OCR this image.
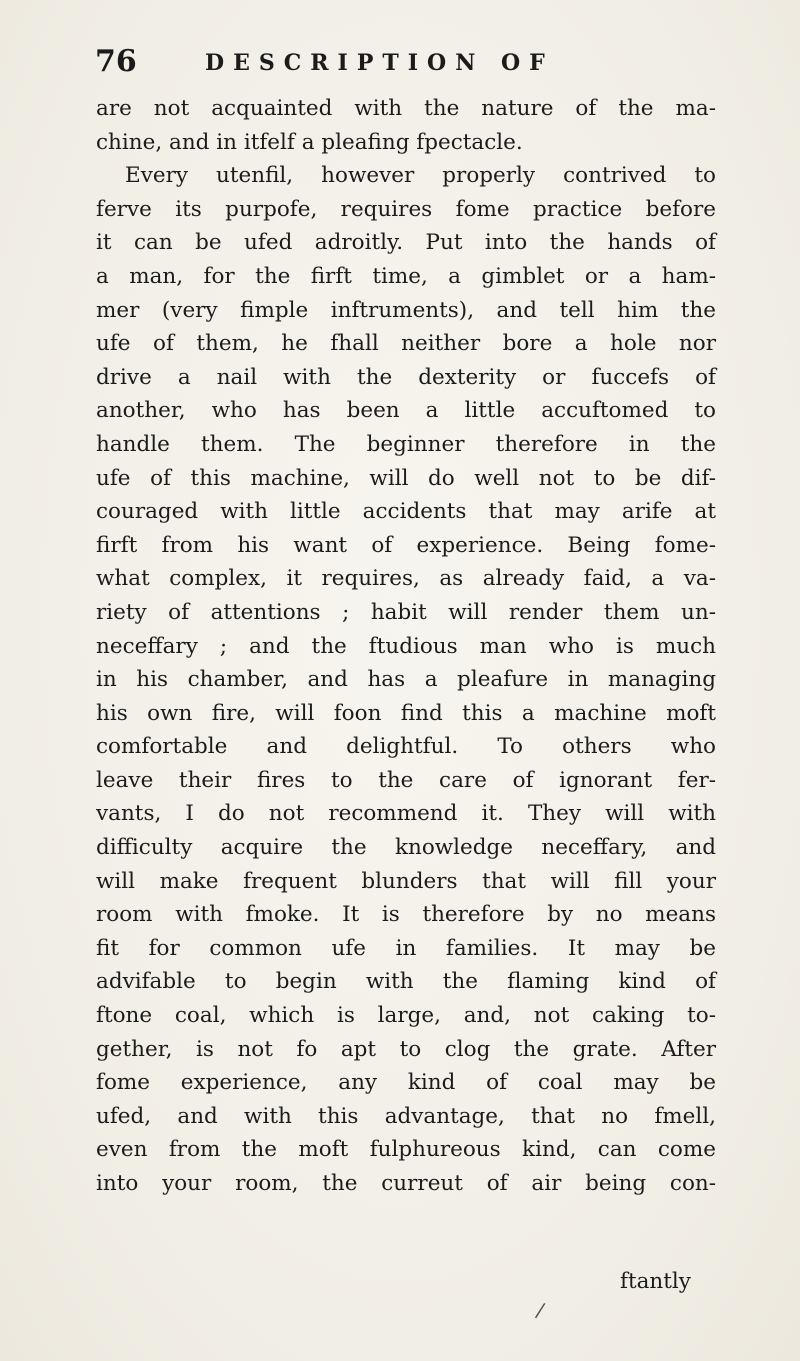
76	DESCRIPTION OF
are not acquainted with the nature of the ma-
chine, and in itfelf a pleafing fpectacle.
Every utenfil, however properly contrived to
ferve its purpofe, requires fome practice before
it can be ufed adroitly. Put into the hands of
a man, for the firft time, a gimblet or a ham-
mer (very fimple inftruments), and tell him the
ufe of them, he fhall neither bore a hole nor
drive a nail with the dexterity or fuccefs of
another, who has been a little accuftomed to
handle them. The beginner therefore in the
ufe of this machine, will do well not to be dif-
couraged with little accidents that may arife at
firft from his want of experience. Being fome-
what complex, it requires, as already faid, a va-
riety of attentions ; habit will render them un-
neceffary ; and the ftudious man who is much
in his chamber, and has a pleafure in managing
his own fire, will foon find this a machine moft
comfortable and delightful. To others who
leave their fires to the care of ignorant fer-
vants, I do not recommend it. They will with
difficulty acquire the knowledge neceffary, and
will make frequent blunders that will fill your
room with fmoke. It is therefore by no means
fit for common ufe in families. It may be
advifable to begin with the flaming kind of
ftone coal, which is large, and, not caking to-
gether, is not fo apt to clog the grate. After
fome experience, any kind of coal may be
ufed, and with this advantage, that no fmell,
even from the moft fulphureous kind, can come
into your room, the curreut of air being con-
ftantly
/
